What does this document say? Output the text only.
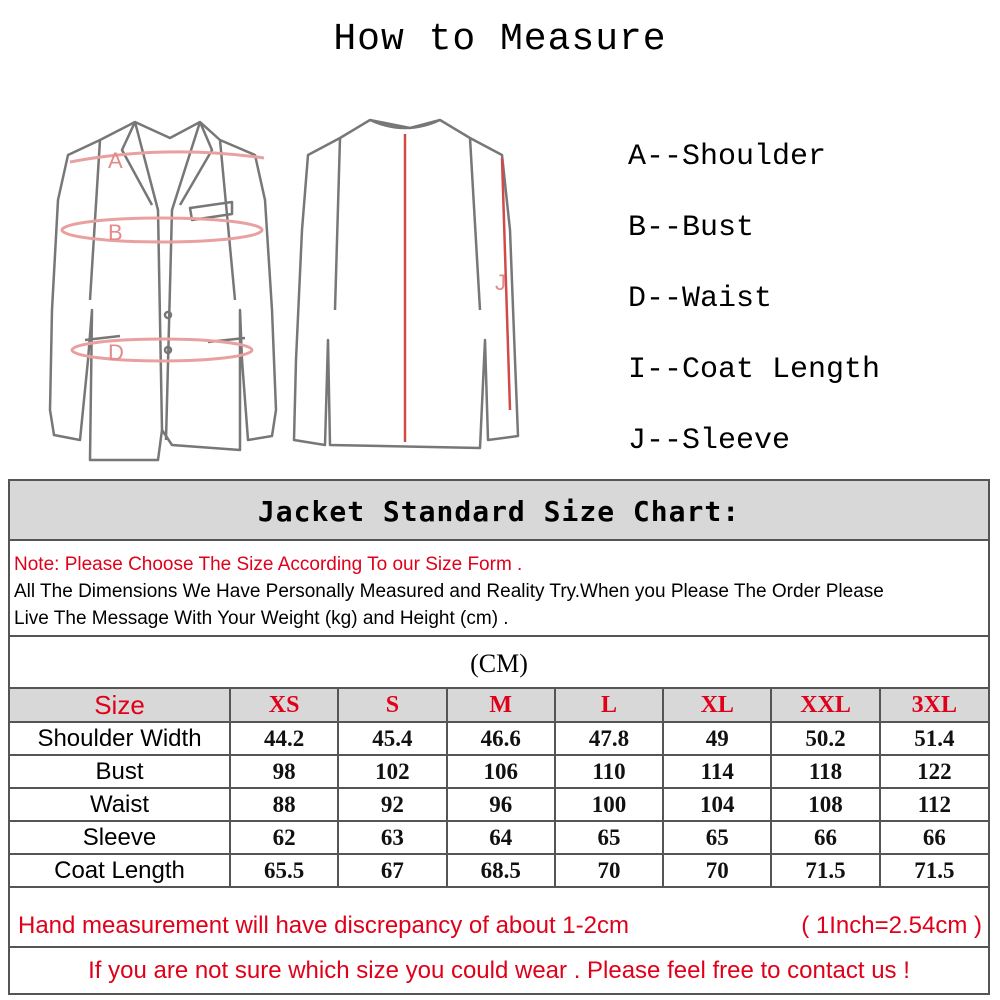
How to Measure
A
B
D
I
J
A--Shoulder
B--Bust
D--Waist
I--Coat Length
J--Sleeve
Jacket Standard Size Chart:
Note: Please Choose The Size According To our Size Form .
All The Dimensions We Have Personally Measured and Reality Try.When you Please The Order Please
Live The Message With Your Weight (kg) and Height (cm) .
(CM)
Size	XS	S	M	L	XL	XXL	3XL
Shoulder Width	44.2	45.4	46.6	47.8	49	50.2	51.4
Bust	98	102	106	110	114	118	122
Waist	88	92	96	100	104	108	112
Sleeve	62	63	64	65	65	66	66
Coat Length	65.5	67	68.5	70	70	71.5	71.5
Hand measurement will have discrepancy of about 1-2cm	( 1Inch=2.54cm )
If you are not sure which size you could wear . Please feel free to contact us !
